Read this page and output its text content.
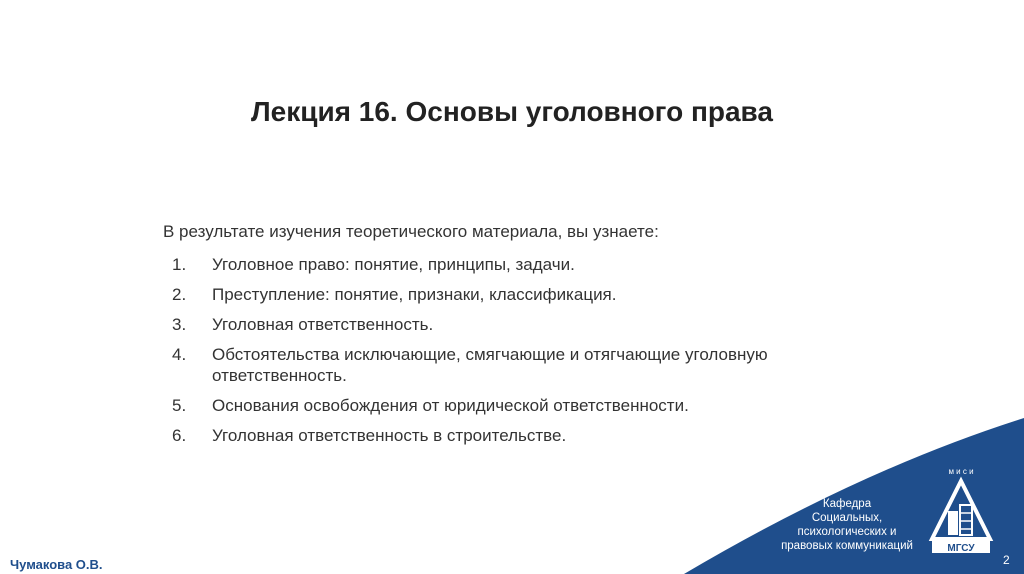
Лекция 16. Основы уголовного права
В результате изучения теоретического материала, вы узнаете:
1.	Уголовное право: понятие, принципы, задачи.
2.	Преступление: понятие, признаки, классификация.
3.	Уголовная ответственность.
4.	Обстоятельства исключающие, смягчающие и отягчающие уголовную ответственность.
5.	Основания освобождения от юридической ответственности.
6.	Уголовная ответственность в строительстве.
Кафедра
Социальных,
психологических и
правовых коммуникаций
м и с и
МГСУ
2
Чумакова О.В.
